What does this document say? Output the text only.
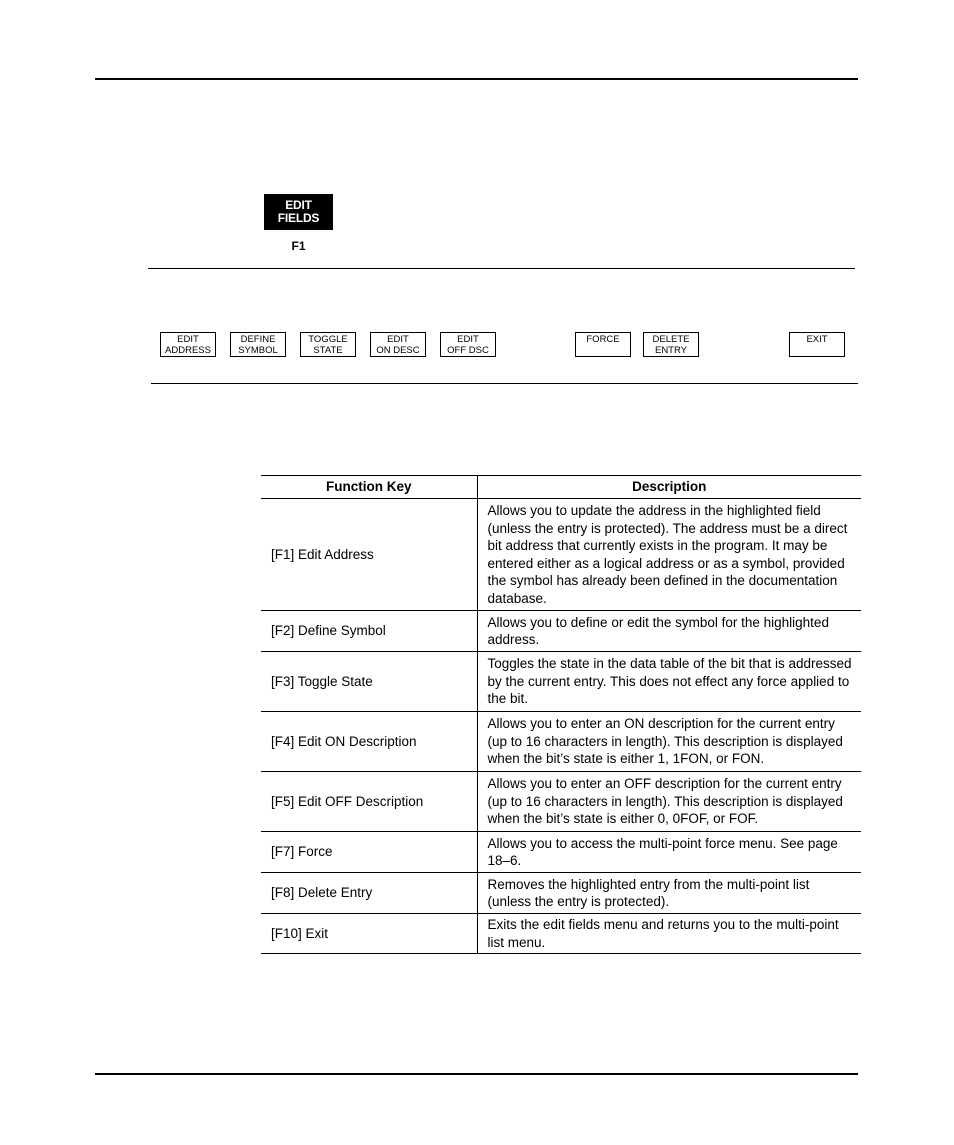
EDIT
FIELDS
F1
EDIT
ADDRESS
DEFINE
SYMBOL
TOGGLE
STATE
EDIT
ON DESC
EDIT
OFF DSC
FORCE	DELETE
ENTRY
EXIT
Function Key	Description
[F1] Edit Address	Allows you to update the address in the highlighted field (unless the entry is protected). The address must be a direct bit address that currently exists in the program. It may be entered either as a logical address or as a symbol, provided the symbol has already been defined in the documentation database.
[F2] Define Symbol	Allows you to define or edit the symbol for the highlighted address.
[F3] Toggle State	Toggles the state in the data table of the bit that is addressed by the current entry. This does not effect any force applied to the bit.
[F4] Edit ON Description	Allows you to enter an ON description for the current entry (up to 16 characters in length). This description is displayed when the bit’s state is either 1, 1FON, or FON.
[F5] Edit OFF Description	Allows you to enter an OFF description for the current entry (up to 16 characters in length). This description is displayed when the bit’s state is either 0, 0FOF, or FOF.
[F7] Force	Allows you to access the multi-point force menu. See page 18–6.
[F8] Delete Entry	Removes the highlighted entry from the multi-point list (unless the entry is protected).
[F10] Exit	Exits the edit fields menu and returns you to the multi-point list menu.
